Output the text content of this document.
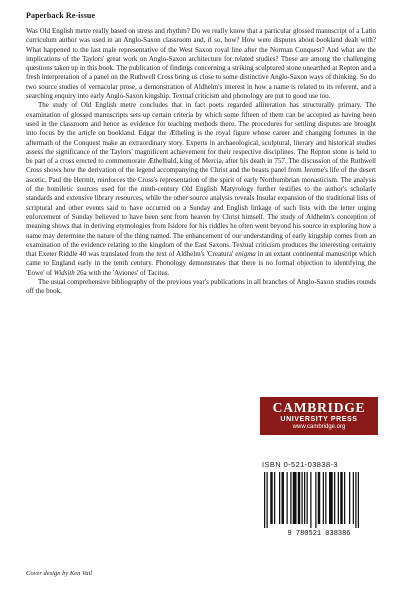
Paperback Re-issue

Was Old English metre really based on stress and rhythm? Do we really know that a particular glossed manuscript of a Latin curriculum author was used in an Anglo-Saxon classroom and, if so, how? How were disputes about bookland dealt with? What happened to the last male representative of the West Saxon royal line after the Norman Conquest? And what are the implications of the Taylors' great work on Anglo-Saxon architecture for related studies? These are among the challenging questions taken up in this book. The publication of findings concerning a striking sculptured stone unearthed at Repton and a fresh interpretation of a panel on the Ruthwell Cross bring us close to some distinctive Anglo-Saxon ways of thinking. So do two source studies of vernacular prose, a demonstration of Aldhelm's interest in how a name is related to its referent, and a searching enquiry into early Anglo-Saxon kingship. Textual criticism and phonology are put to good use too.

The study of Old English metre concludes that in fact poets regarded alliteration has structurally primary. The examination of glossed manuscripts sets up certain criteria by which some fifteen of them can be accepted as having been used in the classroom and hence as evidence for teaching methods there. The procedures for settling disputes are brought into focus by the article on bookland. Edgar the Ætheling is the royal figure whose career and changing fortunes in the aftermath of the Conquest make an extraordinary story. Experts in archaeological, sculptural, literary and historical studies assess the significance of the Taylors' magnificent achievement for their respective disciplines. The Repton stone is held to be part of a cross erected to commemorate Æthelbald, king of Mercia, after his death in 757. The discussion of the Ruthwell Cross shows how the derivation of the legend accompanying the Christ and the beasts panel from Jerome's life of the desert ascetic, Paul the Hermit, reinforces the Cross's representation of the spirit of early Northumbrian monasticism. The analysis of the homiletic sources used for the ninth-century Old English Matyrology further testifies to the author's scholarly standards and extensive library resources, while the other source analysis reveals Insular expansion of the traditional lists of scriptural and other events said to have occurred on a Sunday and English linkage of such lists with the letter urging enforcement of Sunday believed to have been sent from heaven by Christ himself. The study of Aldhelm's conception of meaning shows that in deriving etymologies from Isidore for his riddles he often went beyond his source in exploring how a name may determine the nature of the thing named. The enhancement of our understanding of early kingship comes from an examination of the evidence relating to the kingdom of the East Saxons. Textual criticism produces the interesting certainty that Exeter Riddle 40 was translated from the text of Aldhelm's 'Creatura' enigma in an extant continental manuscript which came to England early in the tenth century. Phonology demonstrates that there is no formal objection to identifying the 'Eowe' of Widsith 26a with the 'Aviones' of Tacitus.

The usual comprehensive bibliography of the previous year's publications in all branches of Anglo-Saxon studies rounds off the book.

CAMBRIDGE
UNIVERSITY PRESS
www.cambridge.org
ISBN 0-521-03838-3
9 780521 038386
Cover design by Ken Vail
